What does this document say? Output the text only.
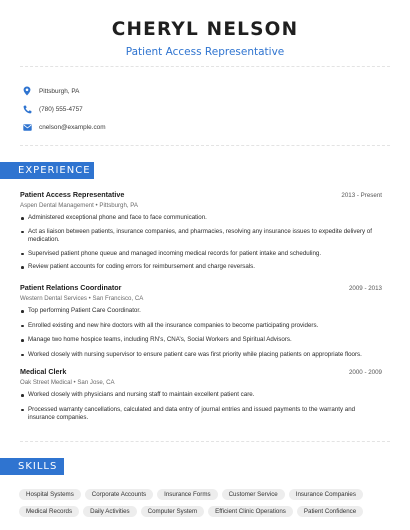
CHERYL NELSON
Patient Access Representative
Pittsburgh, PA
(780) 555-4757
cnelson@example.com
EXPERIENCE
Patient Access Representative	2013 - Present
Aspen Dental Management • Pittsburgh, PA
Administered exceptional phone and face to face communication.
Act as liaison between patients, insurance companies, and pharmacies, resolving any insurance issues to expedite delivery of medication.
Supervised patient phone queue and managed incoming medical records for patient intake and scheduling.
Review patient accounts for coding errors for reimbursement and charge reversals.
Patient Relations Coordinator	2009 - 2013
Western Dental Services • San Francisco, CA
Top performing Patient Care Coordinator.
Enrolled existing and new hire doctors with all the insurance companies to become participating providers.
Manage two home hospice teams, including RN’s, CNA’s, Social Workers and Spiritual Advisors.
Worked closely with nursing supervisor to ensure patient care was first priority while placing patients on appropriate floors.
Medical Clerk	2000 - 2009
Oak Street Medical • San Jose, CA
Worked closely with physicians and nursing staff to maintain excellent patient care.
Processed warranty cancellations, calculated and data entry of journal entries and issued payments to the warranty and insurance companies.
SKILLS
Hospital Systems	Corporate Accounts	Insurance Forms	Customer Service	Insurance Companies
Medical Records	Daily Activities	Computer System	Efficient Clinic Operations	Patient Confidence
